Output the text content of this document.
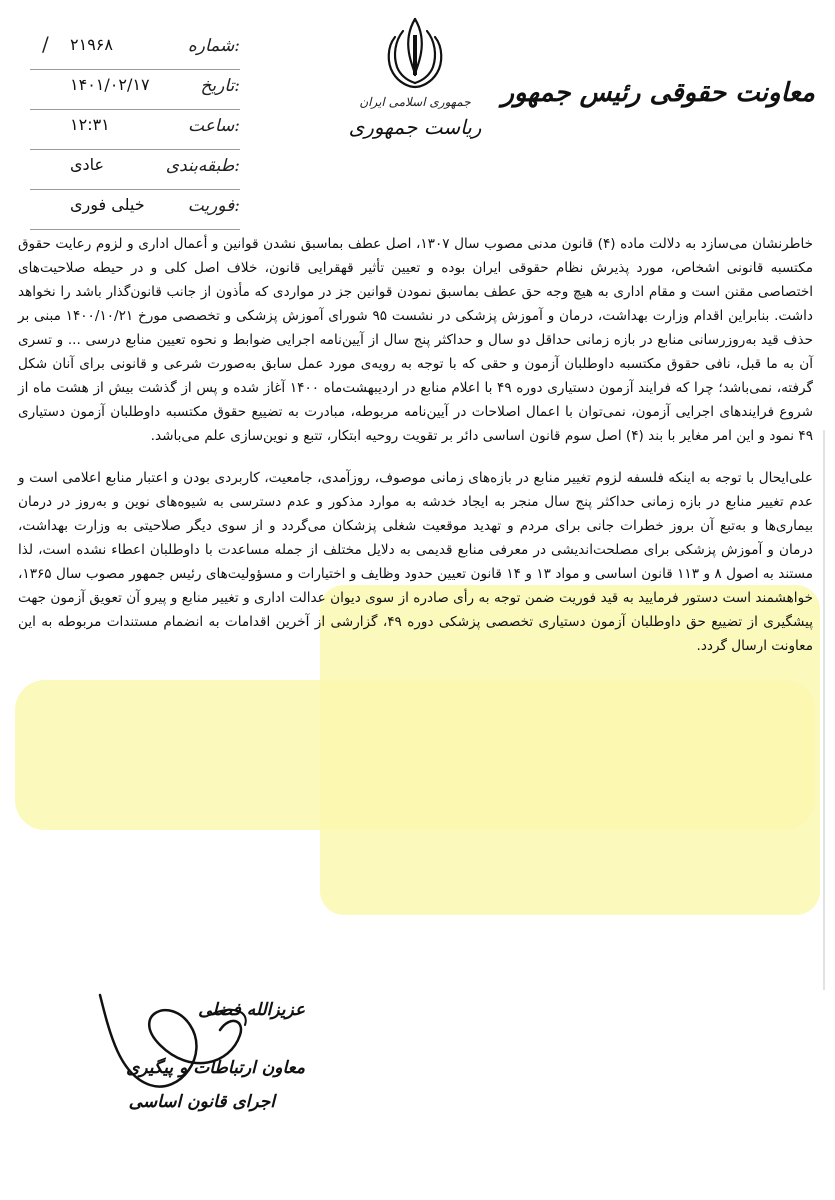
/ ۲۱۹۶۸	شماره:
۱۴۰۱/۰۲/۱۷	تاریخ:
۱۲:۳۱	ساعت:
عادی	طبقه‌بندی:
خیلی فوری	فوریت:
جمهوری اسلامی ایران
ریاست جمهوری
معاونت حقوقی رئیس جمهور

خاطرنشان می‌سازد به دلالت ماده (۴) قانون مدنی مصوب سال ۱۳۰۷، اصل عطف بماسبق نشدن قوانین و أعمال اداری و لزوم رعایت حقوق مکتسبه قانونی اشخاص، مورد پذیرش نظام حقوقی ایران بوده و تعیین تأثیر قهقرایی قانون، خلاف اصل کلی و در حیطه صلاحیت‌های اختصاصی مقنن است و مقام اداری به هیچ وجه حق عطف بماسبق نمودن قوانین جز در مواردی که مأذون از جانب قانون‌گذار باشد را نخواهد داشت. بنابراین اقدام وزارت بهداشت، درمان و آموزش پزشکی در نشست ۹۵ شورای آموزش پزشکی و تخصصی مورخ ۱۴۰۰/۱۰/۲۱ مبنی بر حذف قید به‌روزرسانی منابع در بازه زمانی حداقل دو سال و حداکثر پنج سال از آیین‌نامه اجرایی ضوابط و نحوه تعیین منابع درسی ... و تسری آن به ما قبل، نافی حقوق مکتسبه داوطلبان آزمون و حقی که با توجه به رویه‌ی مورد عمل سابق به‌صورت شرعی و قانونی برای آنان شکل گرفته، نمی‌باشد؛ چرا که فرایند آزمون دستیاری دوره ۴۹ با اعلام منابع در اردیبهشت‌ماه ۱۴۰۰ آغاز شده و پس از گذشت بیش از هشت ماه از شروع فرایندهای اجرایی آزمون، نمی‌توان با اعمال اصلاحات در آیین‌نامه مربوطه، مبادرت به تضییع حقوق مکتسبه داوطلبان آزمون دستیاری ۴۹ نمود و این امر مغایر با بند (۴) اصل سوم قانون اساسی دائر بر تقویت روحیه ابتکار، تتبع و نوین‌سازی علم می‌باشد.

علی‌ایحال با توجه به اینکه فلسفه لزوم تغییر منابع در بازه‌های زمانی موصوف، روزآمدی، جامعیت، کاربردی بودن و اعتبار منابع اعلامی است و عدم تغییر منابع در بازه زمانی حداکثر پنج سال منجر به ایجاد خدشه به موارد مذکور و عدم دسترسی به شیوه‌های نوین و به‌روز در درمان بیماری‌ها و به‌تبع آن بروز خطرات جانی برای مردم و تهدید موقعیت شغلی پزشکان می‌گردد و از سوی دیگر صلاحیتی به وزارت بهداشت، درمان و آموزش پزشکی برای مصلحت‌اندیشی در معرفی منابع قدیمی به دلایل مختلف از جمله مساعدت با داوطلبان اعطاء نشده است، لذا مستند به اصول ۸ و ۱۱۳ قانون اساسی و مواد ۱۳ و ۱۴ قانون تعیین حدود وظایف و اختیارات و مسؤولیت‌های رئیس جمهور مصوب سال ۱۳۶۵، خواهشمند است دستور فرمایید به قید فوریت ضمن توجه به رأی صادره از سوی دیوان عدالت اداری و تغییر منابع و پیرو آن تعویق آزمون جهت پیشگیری از تضییع حق داوطلبان آزمون دستیاری تخصصی پزشکی دوره ۴۹، گزارشی از آخرین اقدامات به انضمام مستندات مربوطه به این معاونت ارسال گردد.

عزیزالله فضلی
معاون ارتباطات و پیگیری
اجرای قانون اساسی
